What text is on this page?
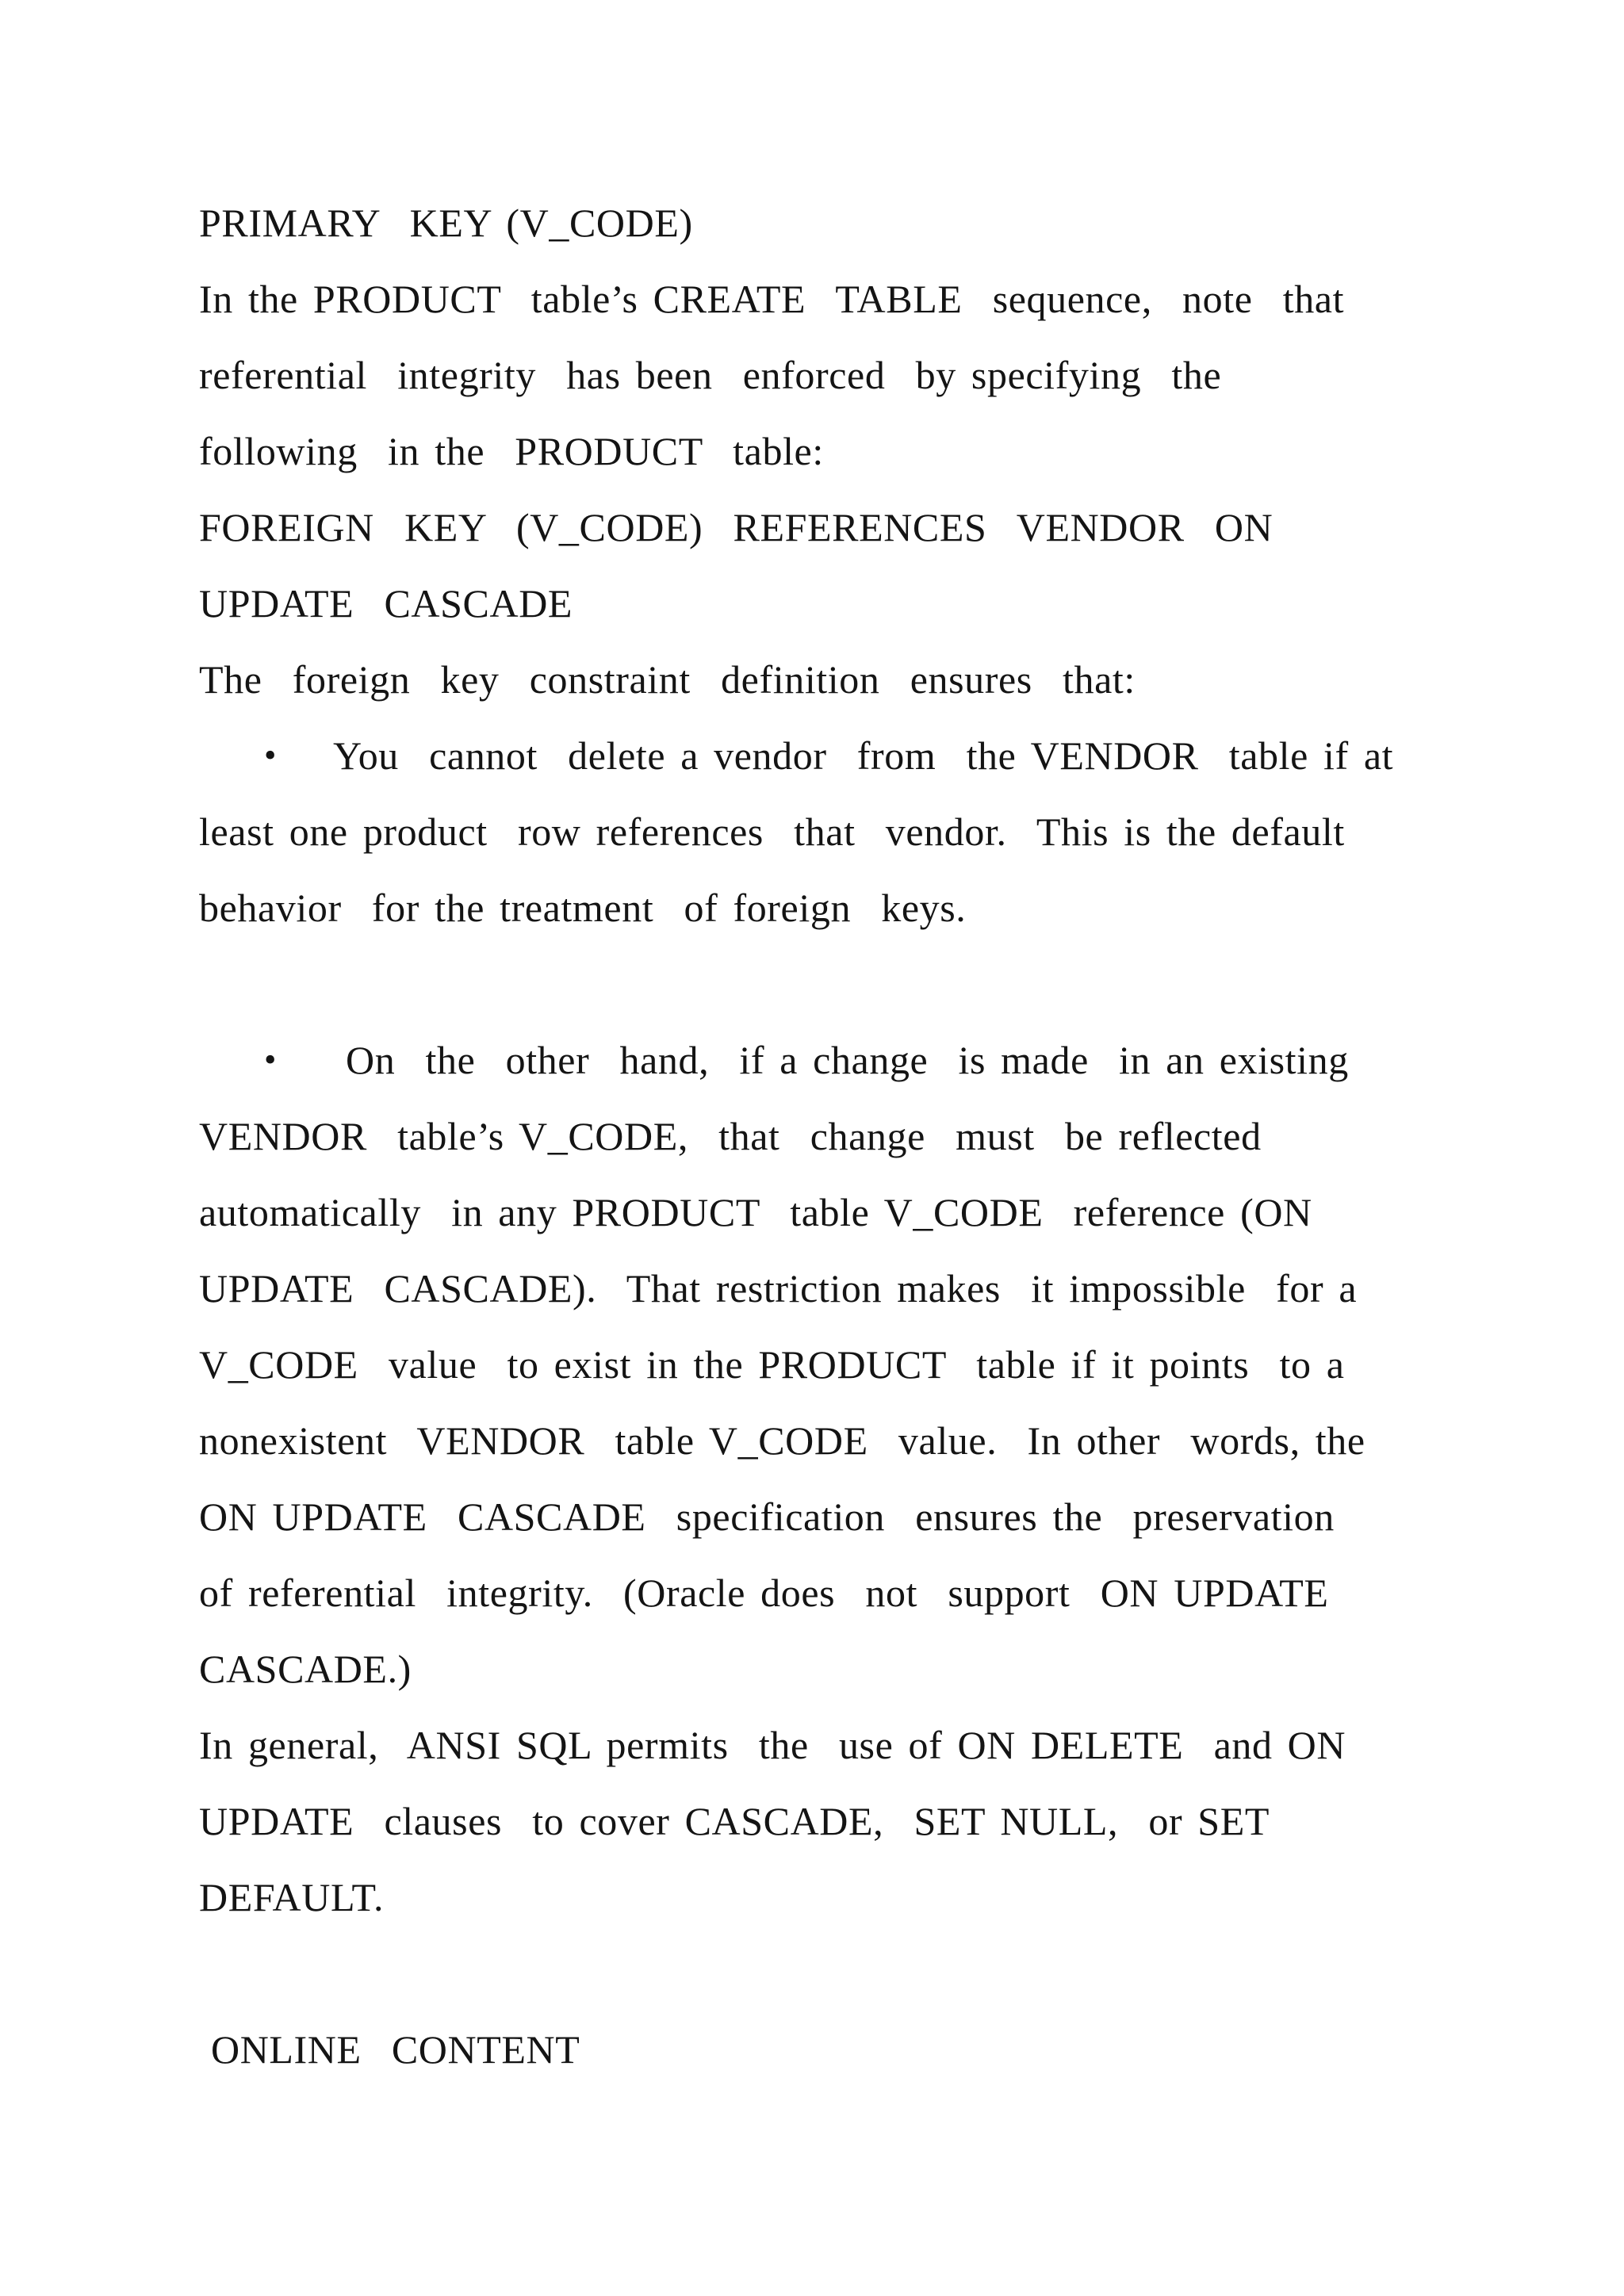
PRIMARY  KEY (V_CODE)
In the PRODUCT  table’s CREATE  TABLE  sequence,  note  that
referential  integrity  has been  enforced  by specifying  the
following  in the  PRODUCT  table:
FOREIGN  KEY  (V_CODE)  REFERENCES  VENDOR  ON
UPDATE  CASCADE
The  foreign  key  constraint  definition  ensures  that:
• You  cannot  delete a vendor  from  the VENDOR  table if at
least one product  row references  that  vendor.  This is the default
behavior  for the treatment  of foreign  keys.
• On  the  other  hand,  if a change  is made  in an existing
VENDOR  table’s V_CODE,  that  change  must  be reflected
automatically  in any PRODUCT  table V_CODE  reference (ON
UPDATE  CASCADE).  That restriction makes  it impossible  for a
V_CODE  value  to exist in the PRODUCT  table if it points  to a
nonexistent  VENDOR  table V_CODE  value.  In other  words, the
ON UPDATE  CASCADE  specification  ensures the  preservation
of referential  integrity.  (Oracle does  not  support  ON UPDATE
CASCADE.)
In general,  ANSI SQL permits  the  use of ON DELETE  and ON
UPDATE  clauses  to cover CASCADE,  SET NULL,  or SET
DEFAULT.
ONLINE  CONTENT
